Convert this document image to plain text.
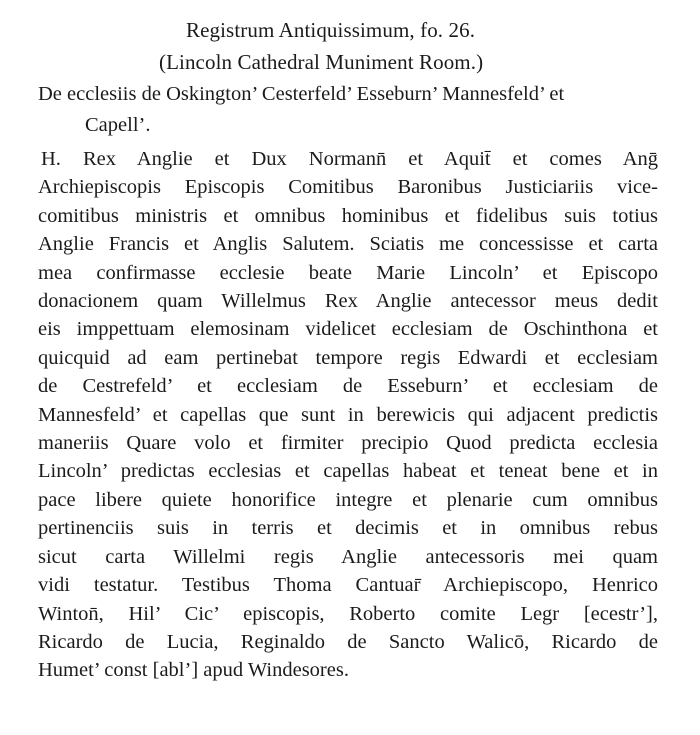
Registrum Antiquissimum, fo. 26.
(Lincoln Cathedral Muniment Room.)
De ecclesiis de Oskington’ Cesterfeld’ Esseburn’ Mannesfeld’ et
Capell’.
H. Rex Anglie et Dux Normann̄ et Aquit̄ et comes Anḡ
Archiepiscopis Episcopis Comitibus Baronibus Justiciariis vice-
comitibus ministris et omnibus hominibus et fidelibus suis totius
Anglie Francis et Anglis Salutem. Sciatis me concessisse et carta
mea confirmasse ecclesie beate Marie Lincoln’ et Episcopo
donacionem quam Willelmus Rex Anglie antecessor meus dedit
eis imppettuam elemosinam videlicet ecclesiam de Oschinthona et
quicquid ad eam pertinebat tempore regis Edwardi et ecclesiam
de Cestrefeld’ et ecclesiam de Esseburn’ et ecclesiam de
Mannesfeld’ et capellas que sunt in berewicis qui adjacent predictis
maneriis Quare volo et firmiter precipio Quod predicta ecclesia
Lincoln’ predictas ecclesias et capellas habeat et teneat bene et in
pace libere quiete honorifice integre et plenarie cum omnibus
pertinenciis suis in terris et decimis et in omnibus rebus
sicut carta Willelmi regis Anglie antecessoris mei quam
vidi testatur. Testibus Thoma Cantuar̄ Archiepiscopo, Henrico
Winton̄, Hil’ Cic’ episcopis, Roberto comite Legr [ecestr’],
Ricardo de Lucia, Reginaldo de Sancto Walicō, Ricardo de
Humet’ const [abl’] apud Windesores.
